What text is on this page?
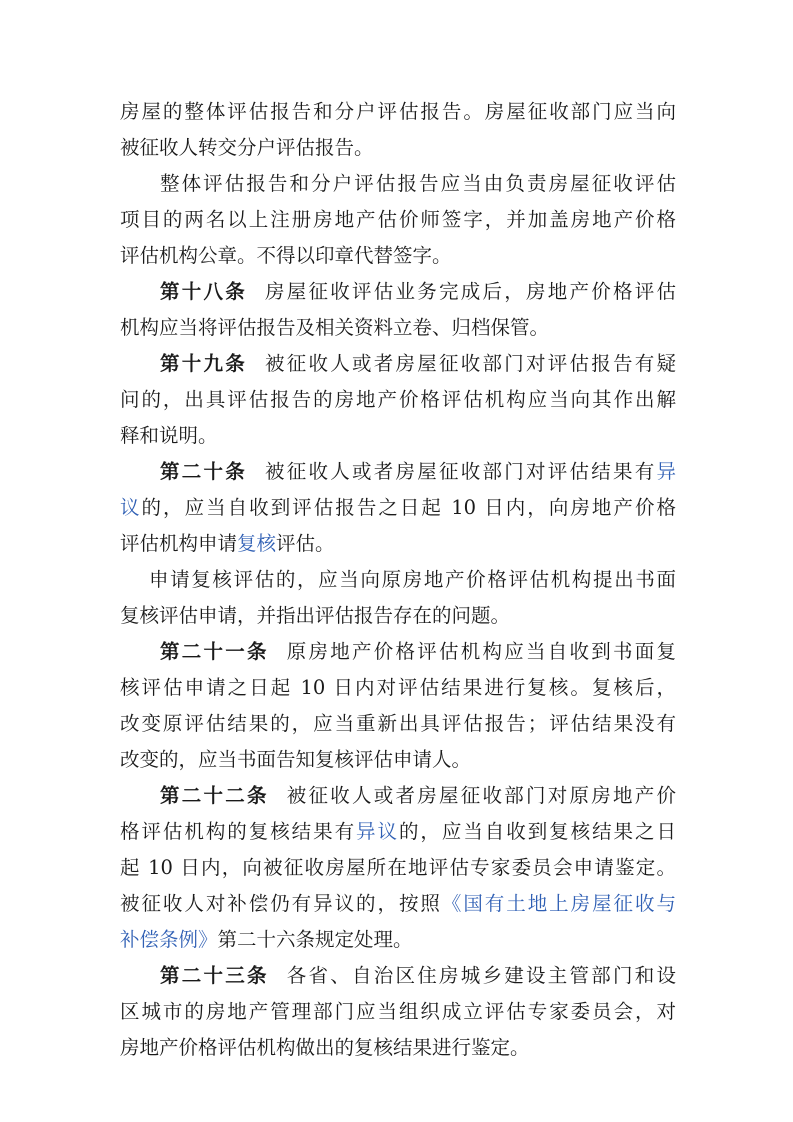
房屋的整体评估报告和分户评估报告。房屋征收部门应当向
被征收人转交分户评估报告。
整体评估报告和分户评估报告应当由负责房屋征收评估
项目的两名以上注册房地产估价师签字，并加盖房地产价格
评估机构公章。不得以印章代替签字。
第十八条 房屋征收评估业务完成后，房地产价格评估
机构应当将评估报告及相关资料立卷、归档保管。
第十九条 被征收人或者房屋征收部门对评估报告有疑
问的，出具评估报告的房地产价格评估机构应当向其作出解
释和说明。
第二十条 被征收人或者房屋征收部门对评估结果有异
议的，应当自收到评估报告之日起 10 日内，向房地产价格
评估机构申请复核评估。
申请复核评估的，应当向原房地产价格评估机构提出书面
复核评估申请，并指出评估报告存在的问题。
第二十一条 原房地产价格评估机构应当自收到书面复
核评估申请之日起 10 日内对评估结果进行复核。复核后，
改变原评估结果的，应当重新出具评估报告；评估结果没有
改变的，应当书面告知复核评估申请人。
第二十二条 被征收人或者房屋征收部门对原房地产价
格评估机构的复核结果有异议的，应当自收到复核结果之日
起 10 日内，向被征收房屋所在地评估专家委员会申请鉴定。
被征收人对补偿仍有异议的，按照《国有土地上房屋征收与
补偿条例》第二十六条规定处理。
第二十三条 各省、自治区住房城乡建设主管部门和设
区城市的房地产管理部门应当组织成立评估专家委员会，对
房地产价格评估机构做出的复核结果进行鉴定。
